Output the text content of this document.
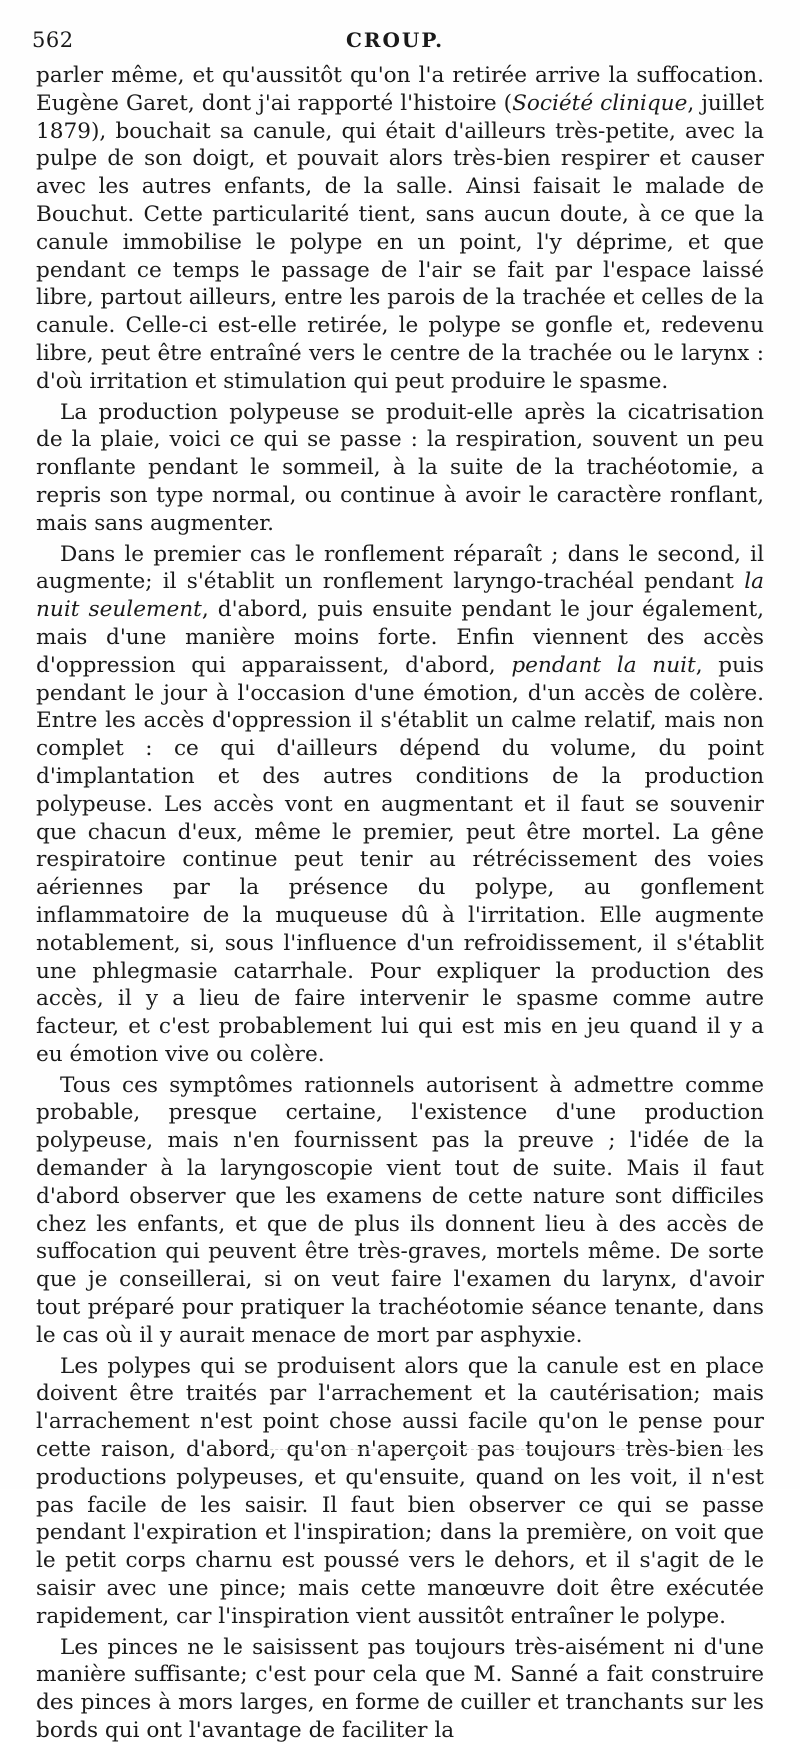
562	CROUP.

parler même, et qu'aussitôt qu'on l'a retirée arrive la suffocation. Eugène Garet, dont j'ai rapporté l'histoire (Société clinique, juillet 1879), bouchait sa canule, qui était d'ailleurs très-petite, avec la pulpe de son doigt, et pouvait alors très-bien respirer et causer avec les autres enfants, de la salle. Ainsi faisait le malade de Bouchut. Cette particularité tient, sans aucun doute, à ce que la canule immobilise le polype en un point, l'y déprime, et que pendant ce temps le passage de l'air se fait par l'espace laissé libre, partout ailleurs, entre les parois de la trachée et celles de la canule. Celle-ci est-elle retirée, le polype se gonfle et, redevenu libre, peut être entraîné vers le centre de la trachée ou le larynx : d'où irritation et stimulation qui peut produire le spasme.

La production polypeuse se produit-elle après la cicatrisation de la plaie, voici ce qui se passe : la respiration, souvent un peu ronflante pendant le sommeil, à la suite de la trachéotomie, a repris son type normal, ou continue à avoir le caractère ronflant, mais sans augmenter.

Dans le premier cas le ronflement réparaît ; dans le second, il augmente; il s'établit un ronflement laryngo-trachéal pendant la nuit seulement, d'abord, puis ensuite pendant le jour également, mais d'une manière moins forte. Enfin viennent des accès d'oppression qui apparaissent, d'abord, pendant la nuit, puis pendant le jour à l'occasion d'une émotion, d'un accès de colère. Entre les accès d'oppression il s'établit un calme relatif, mais non complet : ce qui d'ailleurs dépend du volume, du point d'implantation et des autres conditions de la production polypeuse. Les accès vont en augmentant et il faut se souvenir que chacun d'eux, même le premier, peut être mortel. La gêne respiratoire continue peut tenir au rétrécissement des voies aériennes par la présence du polype, au gonflement inflammatoire de la muqueuse dû à l'irritation. Elle augmente notablement, si, sous l'influence d'un refroidissement, il s'établit une phlegmasie catarrhale. Pour expliquer la production des accès, il y a lieu de faire intervenir le spasme comme autre facteur, et c'est probablement lui qui est mis en jeu quand il y a eu émotion vive ou colère.

Tous ces symptômes rationnels autorisent à admettre comme probable, presque certaine, l'existence d'une production polypeuse, mais n'en fournissent pas la preuve ; l'idée de la demander à la laryngoscopie vient tout de suite. Mais il faut d'abord observer que les examens de cette nature sont difficiles chez les enfants, et que de plus ils donnent lieu à des accès de suffocation qui peuvent être très-graves, mortels même. De sorte que je conseillerai, si on veut faire l'examen du larynx, d'avoir tout préparé pour pratiquer la trachéotomie séance tenante, dans le cas où il y aurait menace de mort par asphyxie.

Les polypes qui se produisent alors que la canule est en place doivent être traités par l'arrachement et la cautérisation; mais l'arrachement n'est point chose aussi facile qu'on le pense pour cette raison, d'abord, qu'on n'aperçoit pas toujours très-bien les productions polypeuses, et qu'ensuite, quand on les voit, il n'est pas facile de les saisir. Il faut bien observer ce qui se passe pendant l'expiration et l'inspiration; dans la première, on voit que le petit corps charnu est poussé vers le dehors, et il s'agit de le saisir avec une pince; mais cette manœuvre doit être exécutée rapidement, car l'inspiration vient aussitôt entraîner le polype.

Les pinces ne le saisissent pas toujours très-aisément ni d'une manière suffisante; c'est pour cela que M. Sanné a fait construire des pinces à mors larges, en forme de cuiller et tranchants sur les bords qui ont l'avantage de faciliter la
